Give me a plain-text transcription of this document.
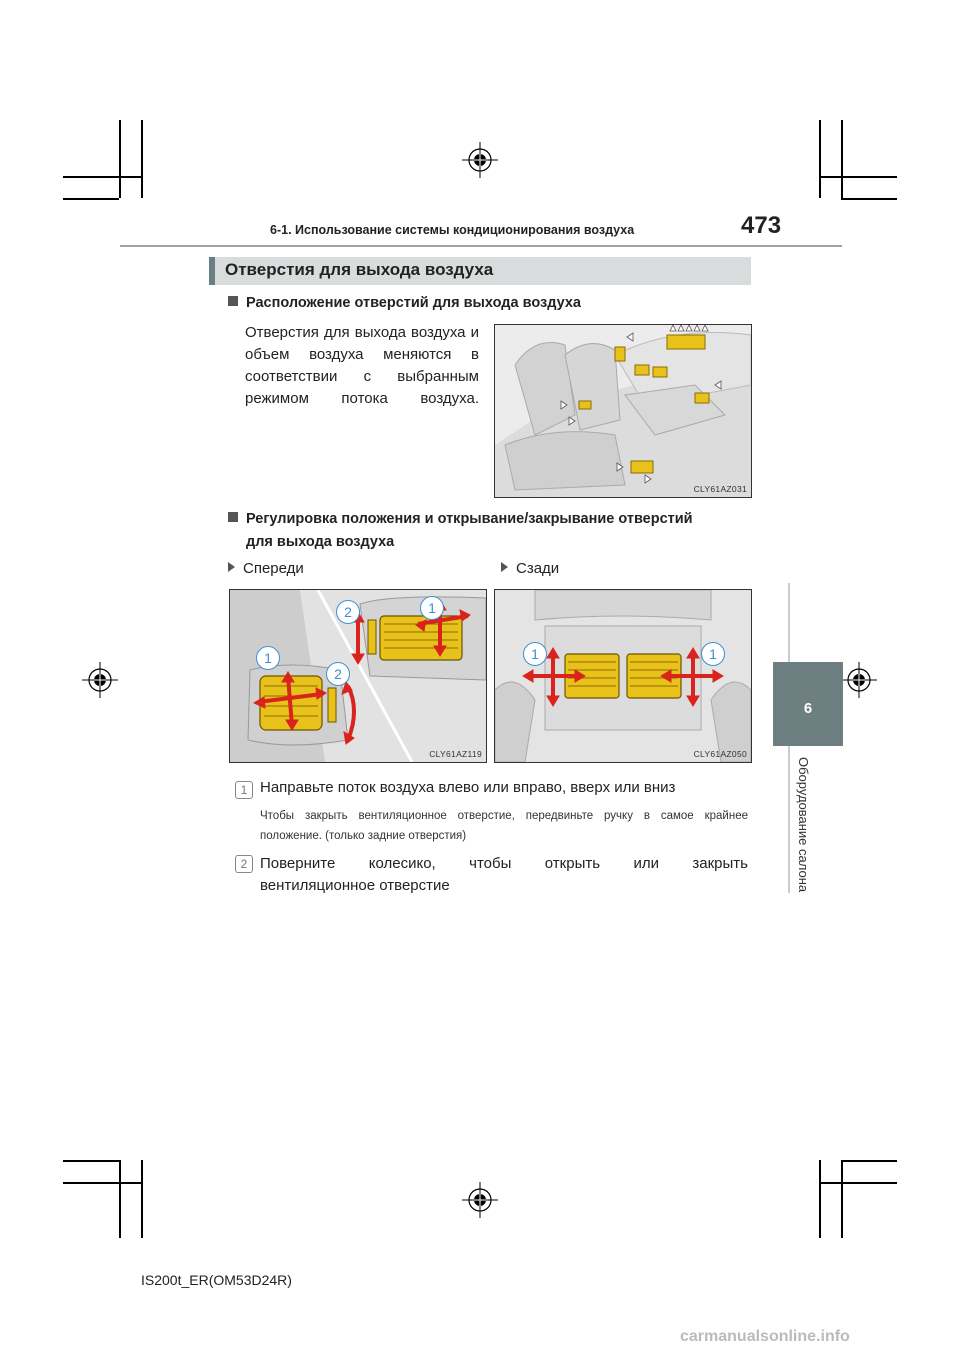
6-1. Использование системы кондиционирования воздуха	473
Отверстия для выхода воздуха
Расположение отверстий для выхода воздуха
Отверстия для выхода воздуха и объем воздуха меняются в соответствии с выбранным режимом потока воздуха.
CLY61AZ031
Регулировка положения и открывание/закрывание отверстий
для выхода воздуха
Спереди	Сзади
1
2
1
2
CLY61AZ119
1	1
CLY61AZ050
1 Направьте поток воздуха влево или вправо, вверх или вниз
Чтобы закрыть вентиляционное отверстие, передвиньте ручку в самое крайнее положение. (только задние отверстия)
2 Поверните колесико, чтобы открыть или закрыть
вентиляционное отверстие
6
Оборудование салона
IS200t_ER(OM53D24R)
carmanualsonline.info
